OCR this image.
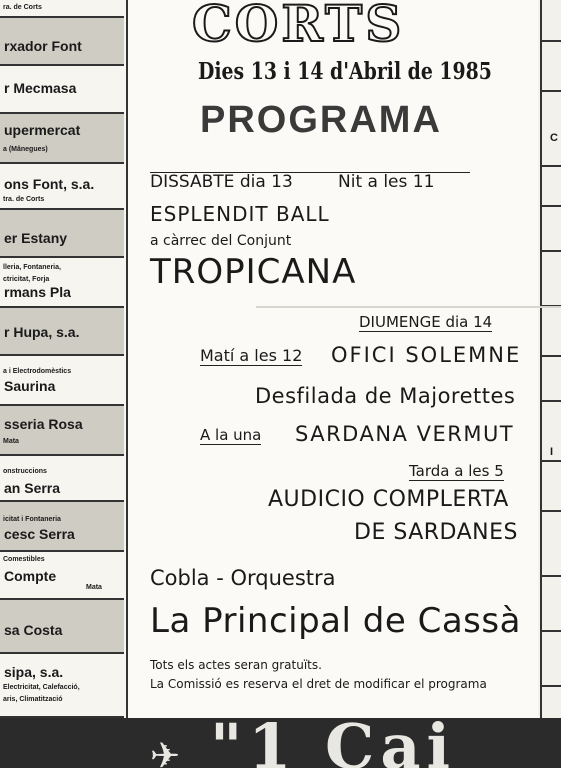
ra. de Corts
rxador Font
r Mecmasa
upermercat
a (Mânegues)
ons Font, s.a.
tra. de Corts
er Estany
rmans Pla
lleria, Fontaneria,
ctricitat, Forja
r Hupa, s.a.
Saurina
a i Electrodomèstics
sseria Rosa
Mata
an Serra
onstruccions
cesc Serra
icitat i Fontaneria
Compte
Comestibles
Mata
sa Costa
sipa, s.a.
Electricitat, Calefacció,
aris, Climatització
C
I
CORTS
Dies 13 i 14 d'Abril de 1985
PROGRAMA
DISSABTE dia 13	Nit a les 11
ESPLENDIT BALL
a càrrec del Conjunt
TROPICANA
DIUMENGE dia 14
Matí a les 12 OFICI SOLEMNE
Desfilada de Majorettes
A la una SARDANA VERMUT
Tarda a les 5
AUDICIO COMPLERTA
DE SARDANES
Cobla - Orquestra
La Principal de Cassà
Tots els actes seran gratuïts.
La Comissió es reserva el dret de modificar el programa
✈ "1 Cai
